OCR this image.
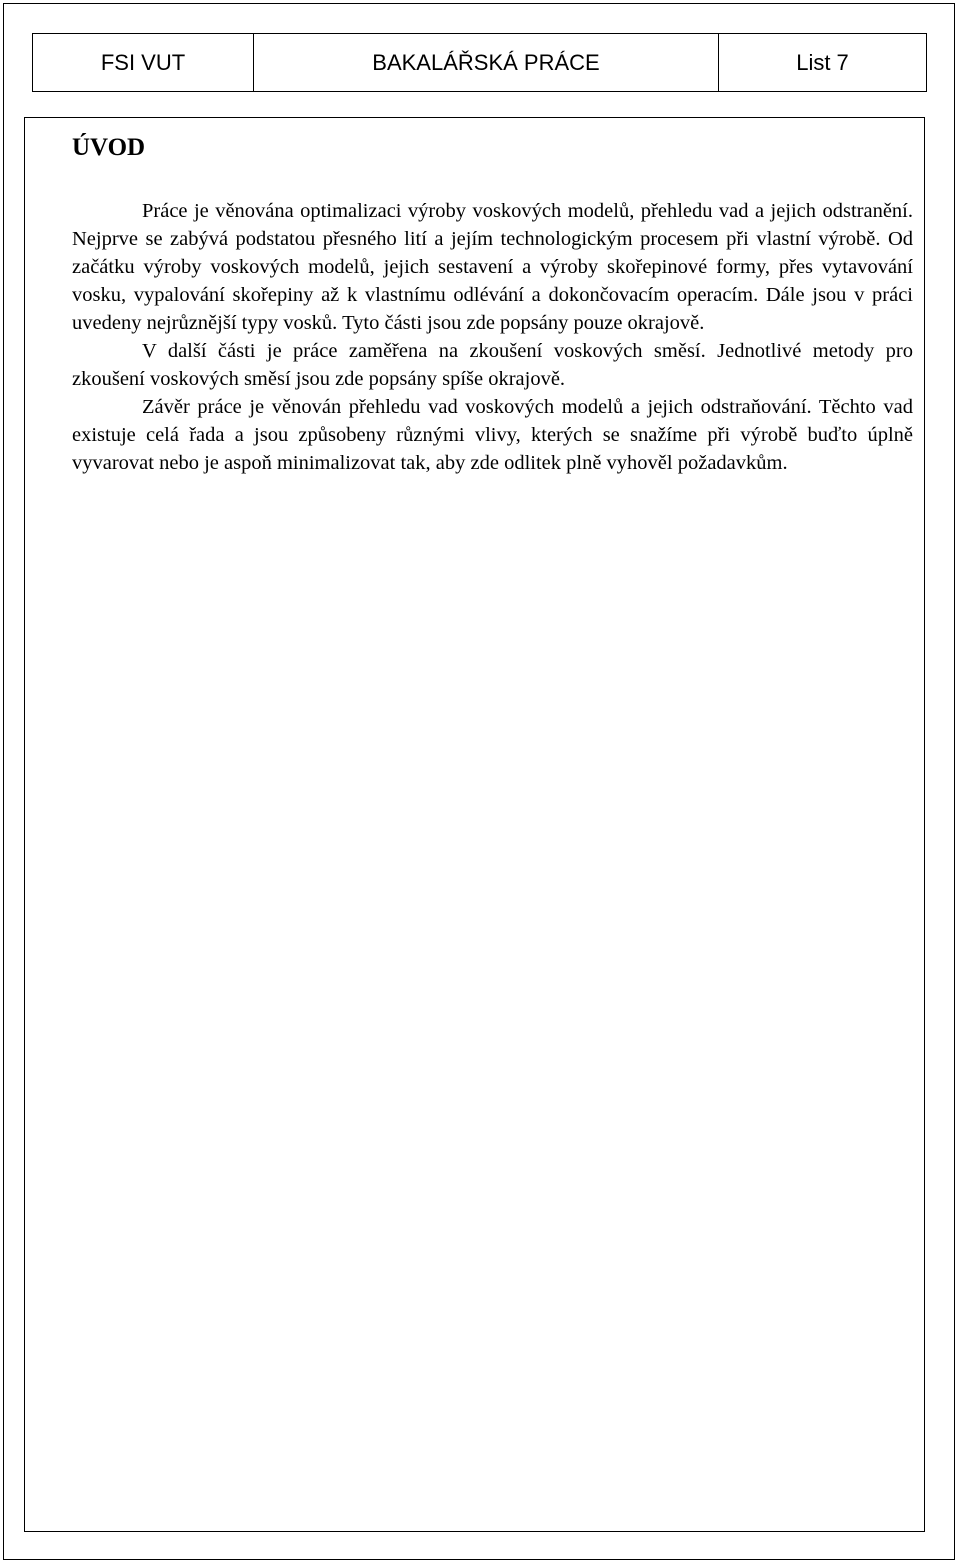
FSI VUT	BAKALÁŘSKÁ PRÁCE	List 7
ÚVOD

Práce je věnována optimalizaci výroby voskových modelů, přehledu vad a jejich odstranění. Nejprve se zabývá podstatou přesného lití a jejím technologickým procesem při vlastní výrobě. Od začátku výroby voskových modelů, jejich sestavení a výroby skořepinové formy, přes vytavování vosku, vypalování skořepiny až k vlastnímu odlévání a dokončovacím operacím. Dále jsou v práci uvedeny nejrůznější typy vosků. Tyto části jsou zde popsány pouze okrajově.

V další části je práce zaměřena na zkoušení voskových směsí. Jednotlivé metody pro zkoušení voskových směsí jsou zde popsány spíše okrajově.

Závěr práce je věnován přehledu vad voskových modelů a jejich odstraňování. Těchto vad existuje celá řada a jsou způsobeny různými vlivy, kterých se snažíme při výrobě buďto úplně vyvarovat nebo je aspoň minimalizovat tak, aby zde odlitek plně vyhověl požadavkům.
